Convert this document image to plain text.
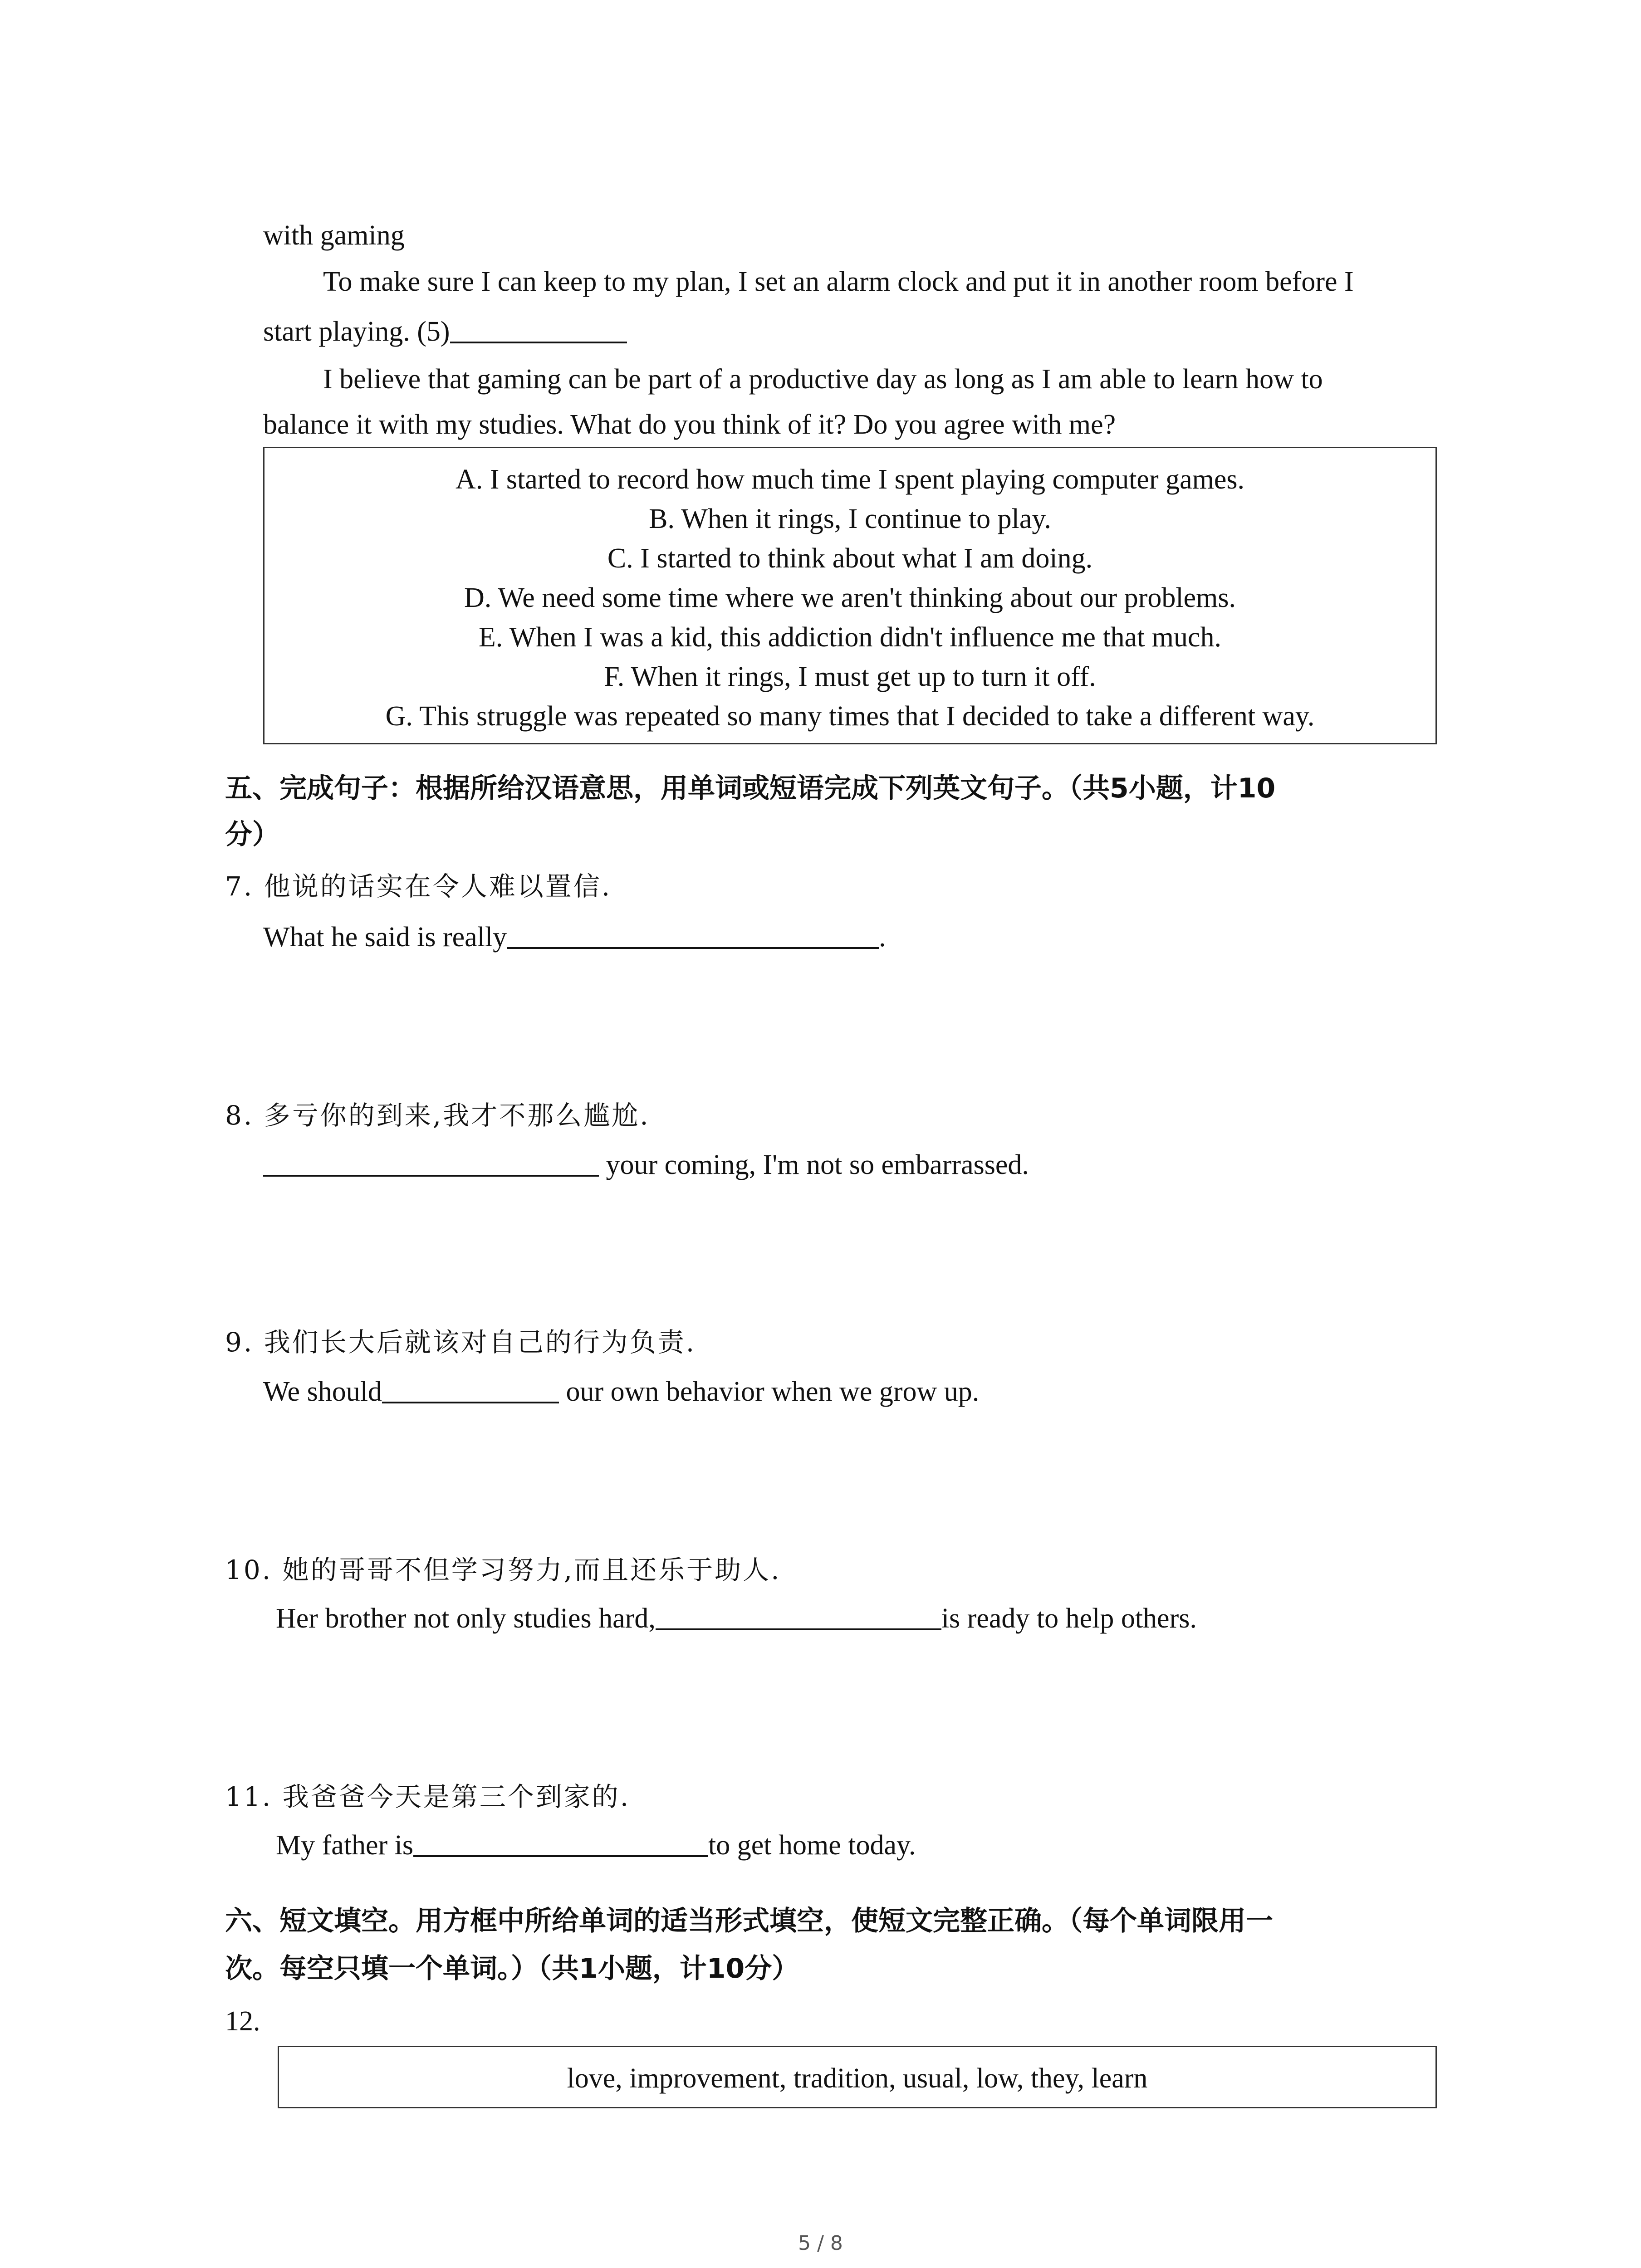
with gaming
To make sure I can keep to my plan, I set an alarm clock and put it in another room before I
start playing. (5)
I believe that gaming can be part of a productive day as long as I am able to learn how to
balance it with my studies. What do you think of it? Do you agree with me?
A. I started to record how much time I spent playing computer games.
B. When it rings, I continue to play.
C. I started to think about what I am doing.
D. We need some time where we aren't thinking about our problems.
E. When I was a kid, this addiction didn't influence me that much.
F. When it rings, I must get up to turn it off.
G. This struggle was repeated so many times that I decided to take a different way.
五、完成句子：根据所给汉语意思，用单词或短语完成下列英文句子。（共5小题，计10
分）
7. 他说的话实在令人难以置信.
What he said is really	.
8. 多亏你的到来,我才不那么尴尬.
your coming, I'm not so embarrassed.
9. 我们长大后就该对自己的行为负责.
We should	our own behavior when we grow up.
10. 她的哥哥不但学习努力,而且还乐于助人.
Her brother not only studies hard,	is ready to help others.
11. 我爸爸今天是第三个到家的.
My father is	to get home today.
六、短文填空。用方框中所给单词的适当形式填空，使短文完整正确。（每个单词限用一
次。每空只填一个单词。）（共1小题，计10分）
12.
love, improvement, tradition, usual, low, they, learn
5 / 8
